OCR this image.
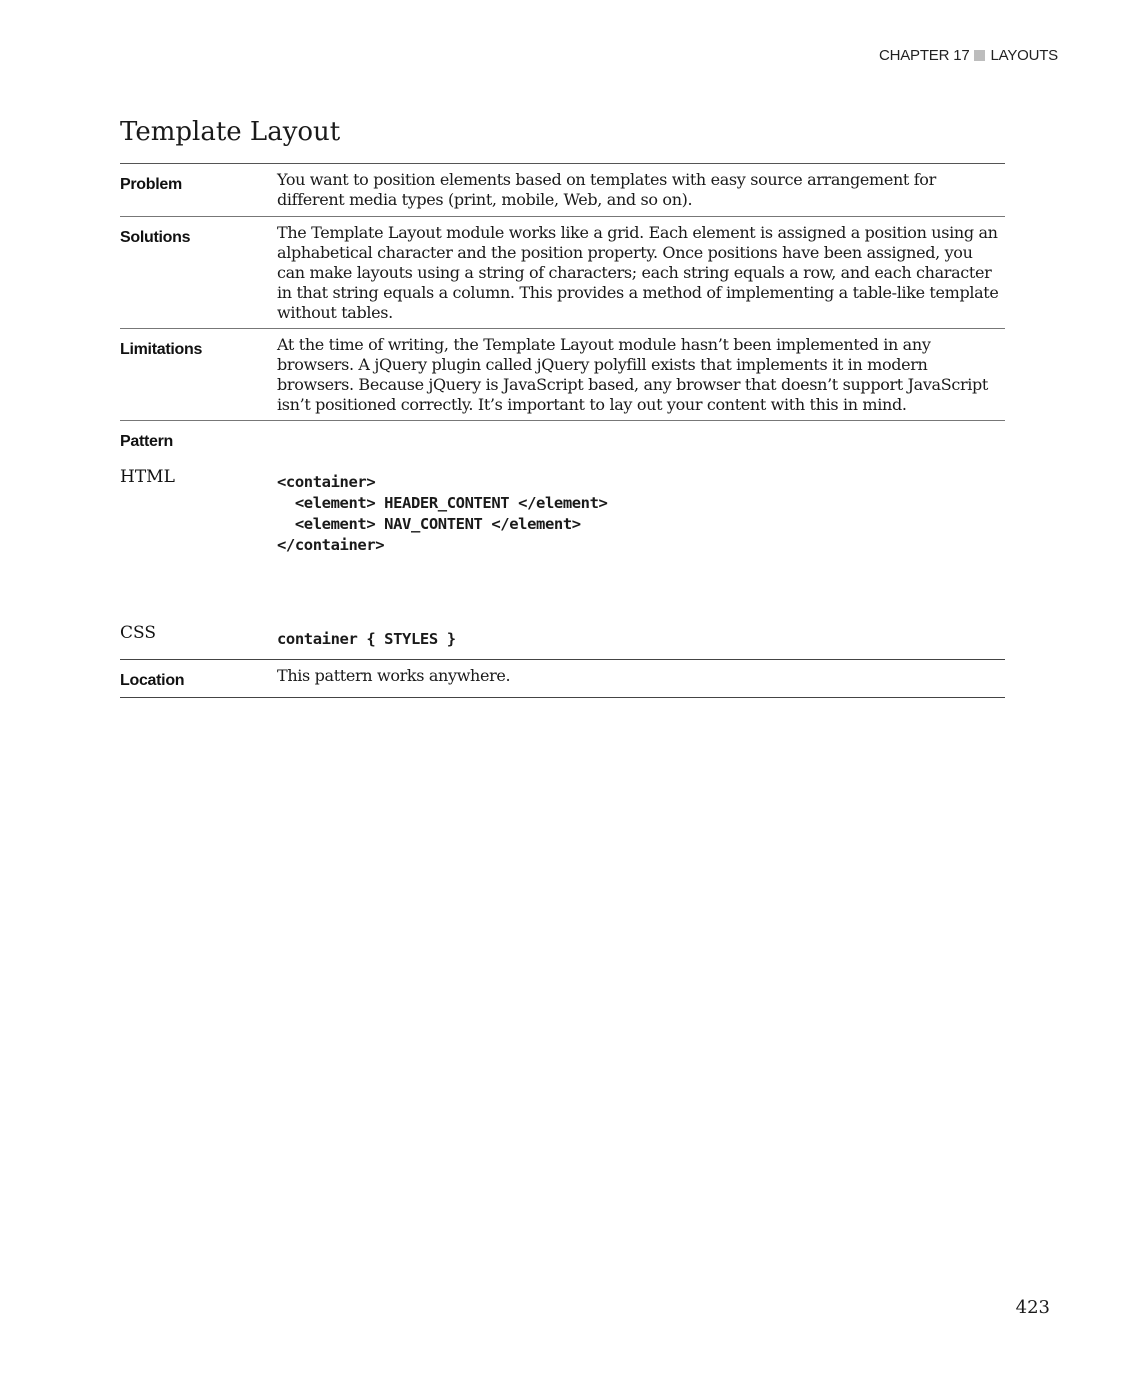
CHAPTER 17 LAYOUTS
Template Layout
Problem	You want to position elements based on templates with easy source arrangement for different media types (print, mobile, Web, and so on).
Solutions	The Template Layout module works like a grid. Each element is assigned a position using an alphabetical character and the position property. Once positions have been assigned, you can make layouts using a string of characters; each string equals a row, and each character in that string equals a column. This provides a method of implementing a table-like template without tables.
Limitations	At the time of writing, the Template Layout module hasn’t been implemented in any browsers. A jQuery plugin called jQuery polyfill exists that implements it in modern browsers. Because jQuery is JavaScript based, any browser that doesn’t support JavaScript isn’t positioned correctly. It’s important to lay out your content with this in mind.
Pattern
HTML	<container>
<element> HEADER_CONTENT </element>
<element> NAV_CONTENT </element>
</container>
CSS	container { STYLES }
Location	This pattern works anywhere.
423
